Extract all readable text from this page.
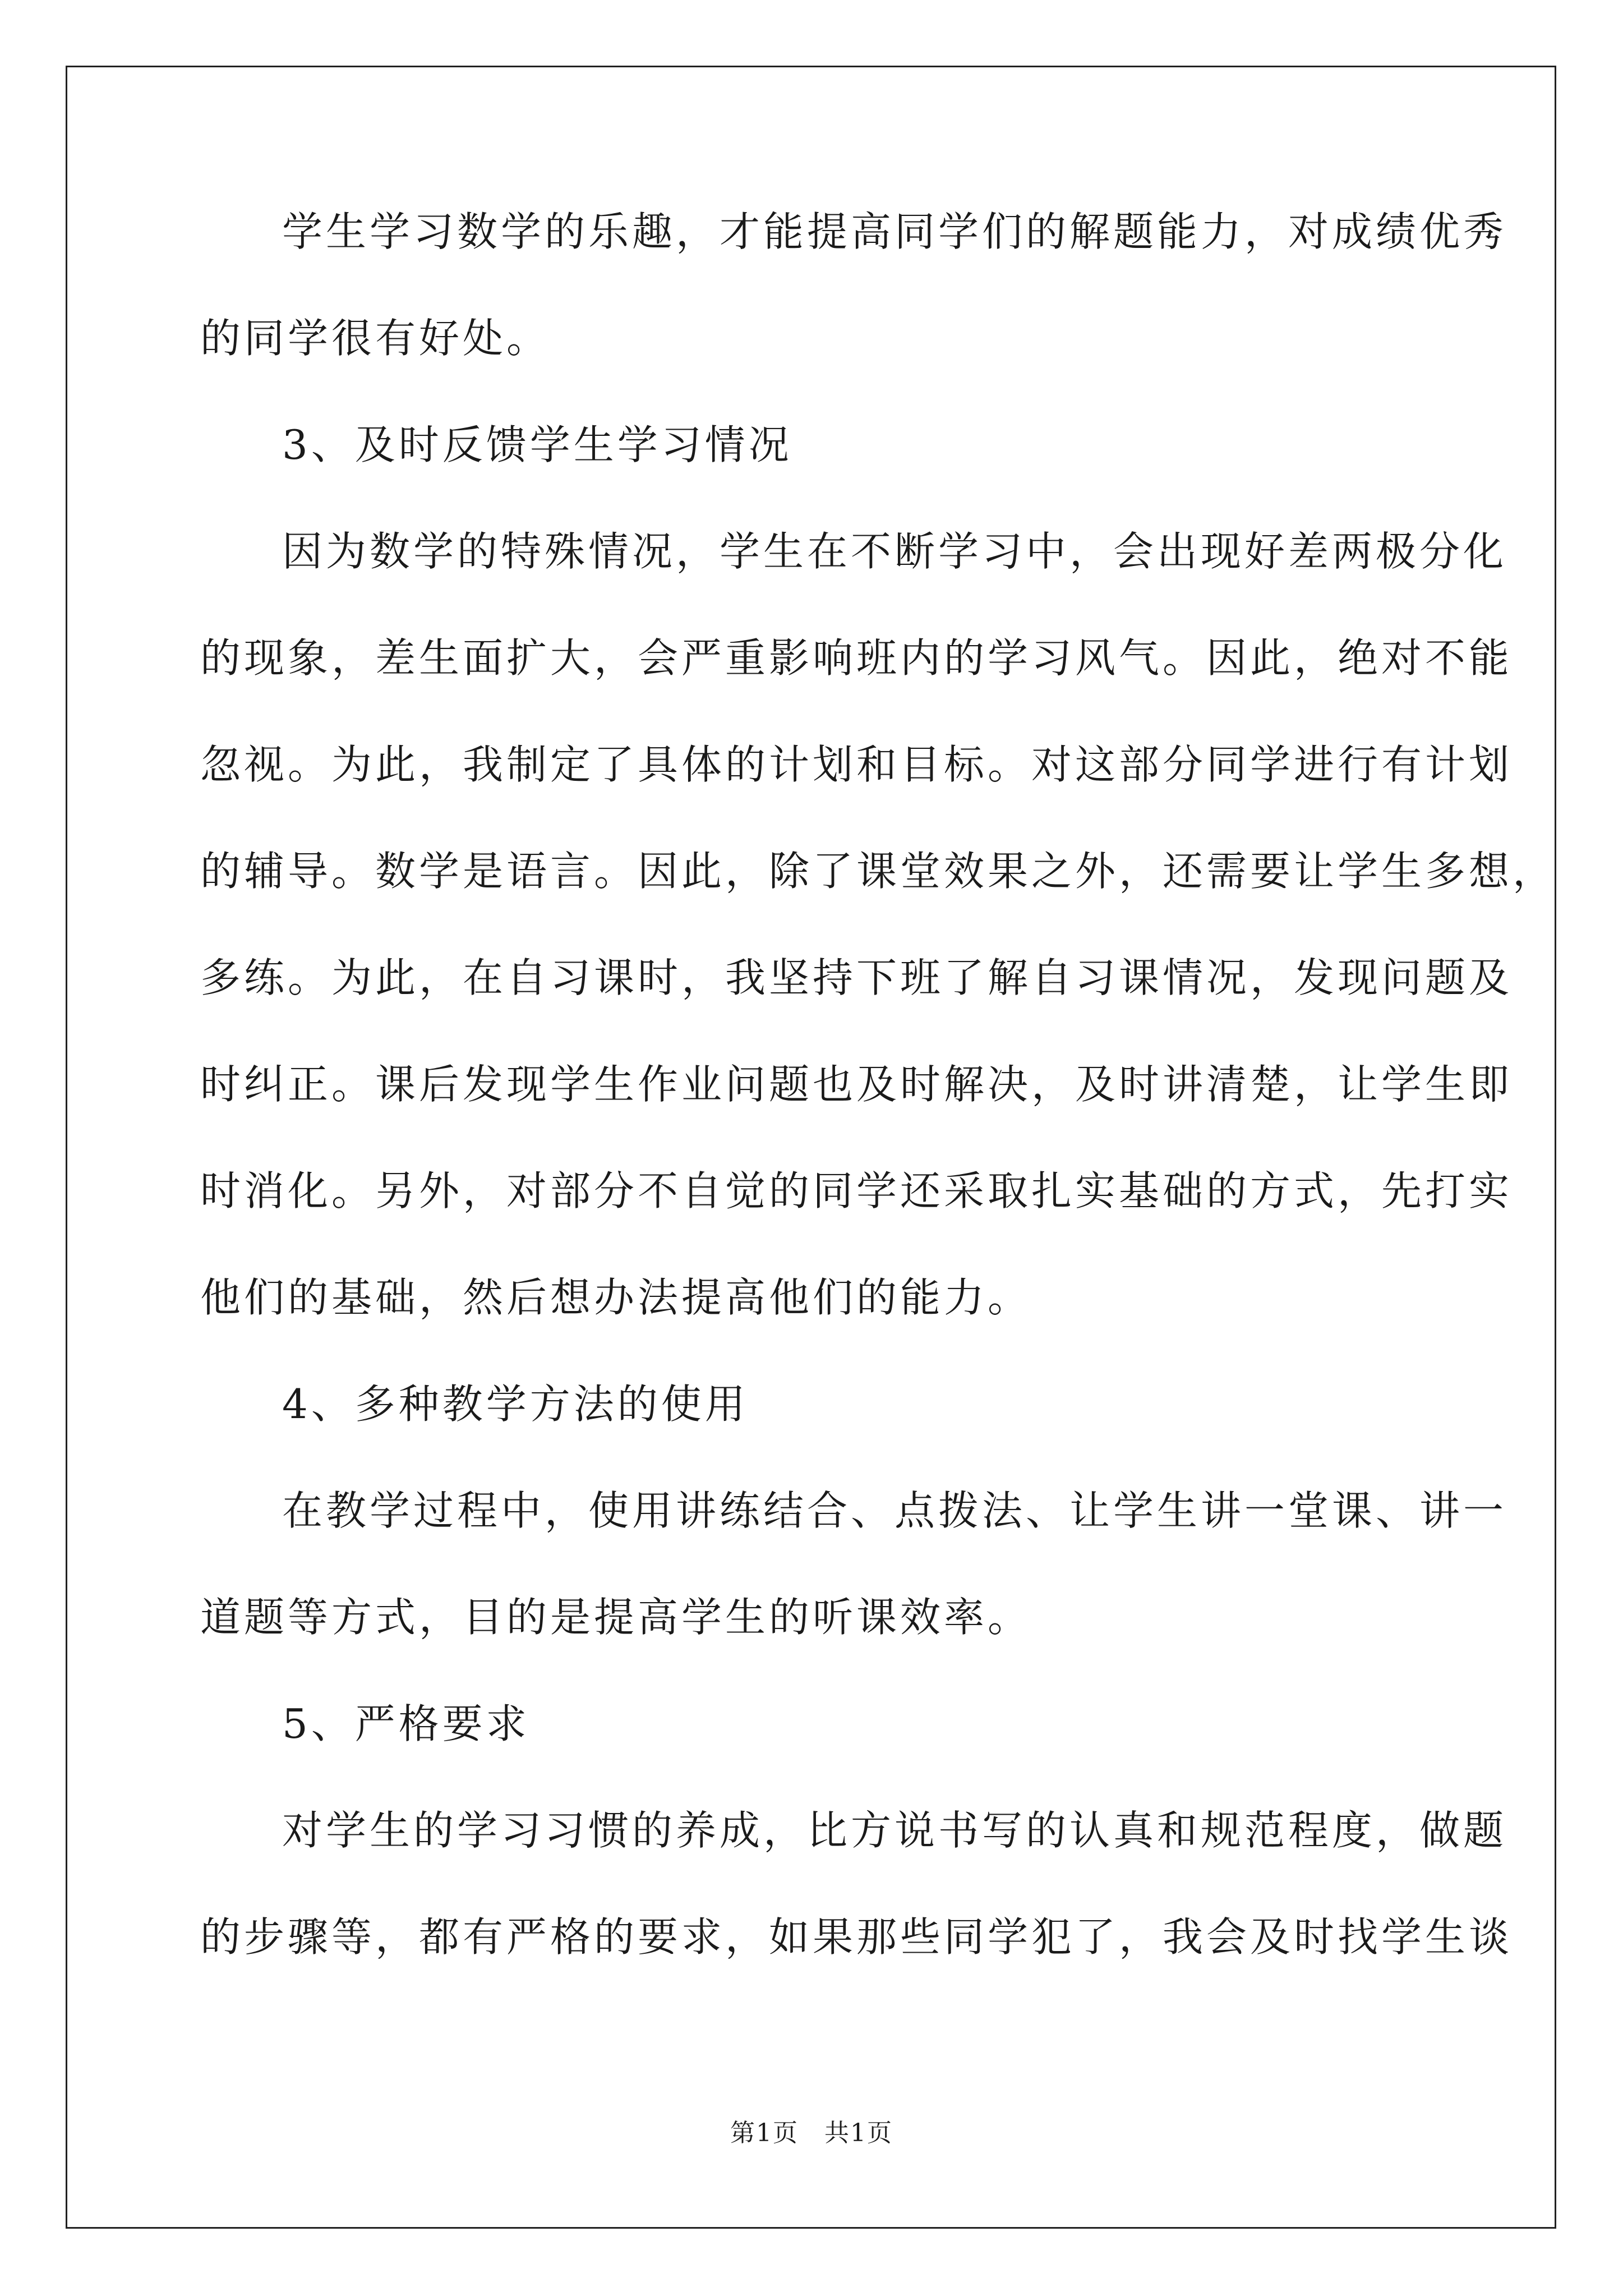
学生学习数学的乐趣，才能提高同学们的解题能力，对成绩优秀
的同学很有好处。
3、及时反馈学生学习情况
因为数学的特殊情况，学生在不断学习中，会出现好差两极分化
的现象，差生面扩大，会严重影响班内的学习风气。因此，绝对不能
忽视。为此，我制定了具体的计划和目标。对这部分同学进行有计划
的辅导。数学是语言。因此，除了课堂效果之外，还需要让学生多想，
多练。为此，在自习课时，我坚持下班了解自习课情况，发现问题及
时纠正。课后发现学生作业问题也及时解决，及时讲清楚，让学生即
时消化。另外，对部分不自觉的同学还采取扎实基础的方式，先打实
他们的基础，然后想办法提高他们的能力。
4、多种教学方法的使用
在教学过程中，使用讲练结合、点拨法、让学生讲一堂课、讲一
道题等方式，目的是提高学生的听课效率。
5、严格要求
对学生的学习习惯的养成，比方说书写的认真和规范程度，做题
的步骤等，都有严格的要求，如果那些同学犯了，我会及时找学生谈
第1页　共1页
